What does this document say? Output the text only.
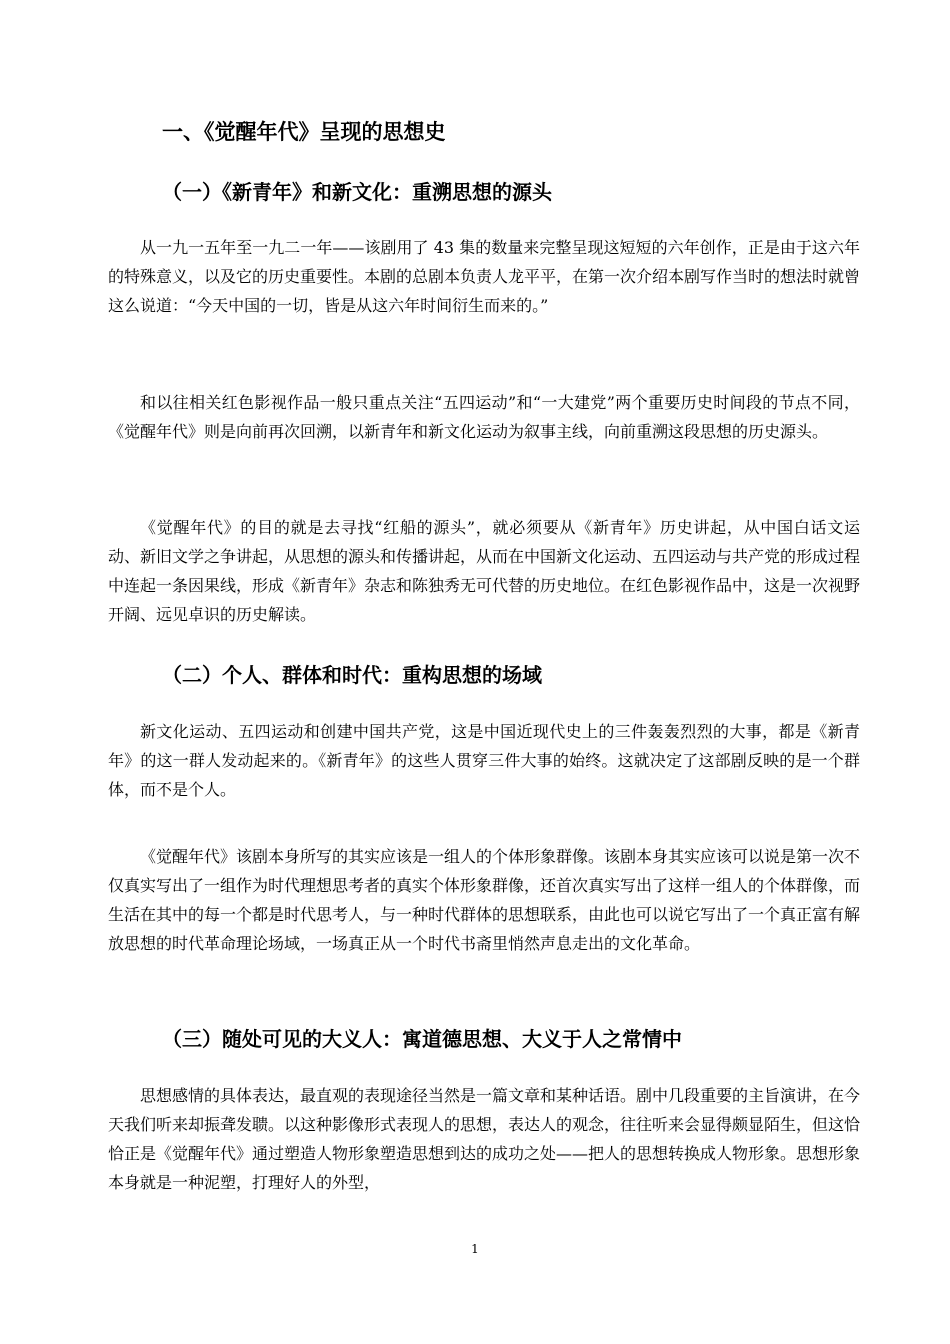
一、《觉醒年代》呈现的思想史
（一）《新青年》和新文化：重溯思想的源头

从一九一五年至一九二一年——该剧用了 43 集的数量来完整呈现这短短的六年创作，正是由于这六年的特殊意义，以及它的历史重要性。本剧的总剧本负责人龙平平，在第一次介绍本剧写作当时的想法时就曾这么说道：“今天中国的一切，皆是从这六年时间衍生而来的。”

和以往相关红色影视作品一般只重点关注“五四运动”和“一大建党”两个重要历史时间段的节点不同，《觉醒年代》则是向前再次回溯，以新青年和新文化运动为叙事主线，向前重溯这段思想的历史源头。

《觉醒年代》的目的就是去寻找“红船的源头”，就必须要从《新青年》历史讲起，从中国白话文运动、新旧文学之争讲起，从思想的源头和传播讲起，从而在中国新文化运动、五四运动与共产党的形成过程中连起一条因果线，形成《新青年》杂志和陈独秀无可代替的历史地位。在红色影视作品中，这是一次视野开阔、远见卓识的历史解读。

（二）个人、群体和时代：重构思想的场域

新文化运动、五四运动和创建中国共产党，这是中国近现代史上的三件轰轰烈烈的大事，都是《新青年》的这一群人发动起来的。《新青年》的这些人贯穿三件大事的始终。这就决定了这部剧反映的是一个群体，而不是个人。

《觉醒年代》该剧本身所写的其实应该是一组人的个体形象群像。该剧本身其实应该可以说是第一次不仅真实写出了一组作为时代理想思考者的真实个体形象群像，还首次真实写出了这样一组人的个体群像，而生活在其中的每一个都是时代思考人，与一种时代群体的思想联系，由此也可以说它写出了一个真正富有解放思想的时代革命理论场域，一场真正从一个时代书斋里悄然声息走出的文化革命。

（三）随处可见的大义人：寓道德思想、大义于人之常情中

思想感情的具体表达，最直观的表现途径当然是一篇文章和某种话语。剧中几段重要的主旨演讲，在今天我们听来却振聋发聩。以这种影像形式表现人的思想，表达人的观念，往往听来会显得颇显陌生，但这恰恰正是《觉醒年代》通过塑造人物形象塑造思想到达的成功之处——把人的思想转换成人物形象。思想形象本身就是一种泥塑，打理好人的外型，

1
